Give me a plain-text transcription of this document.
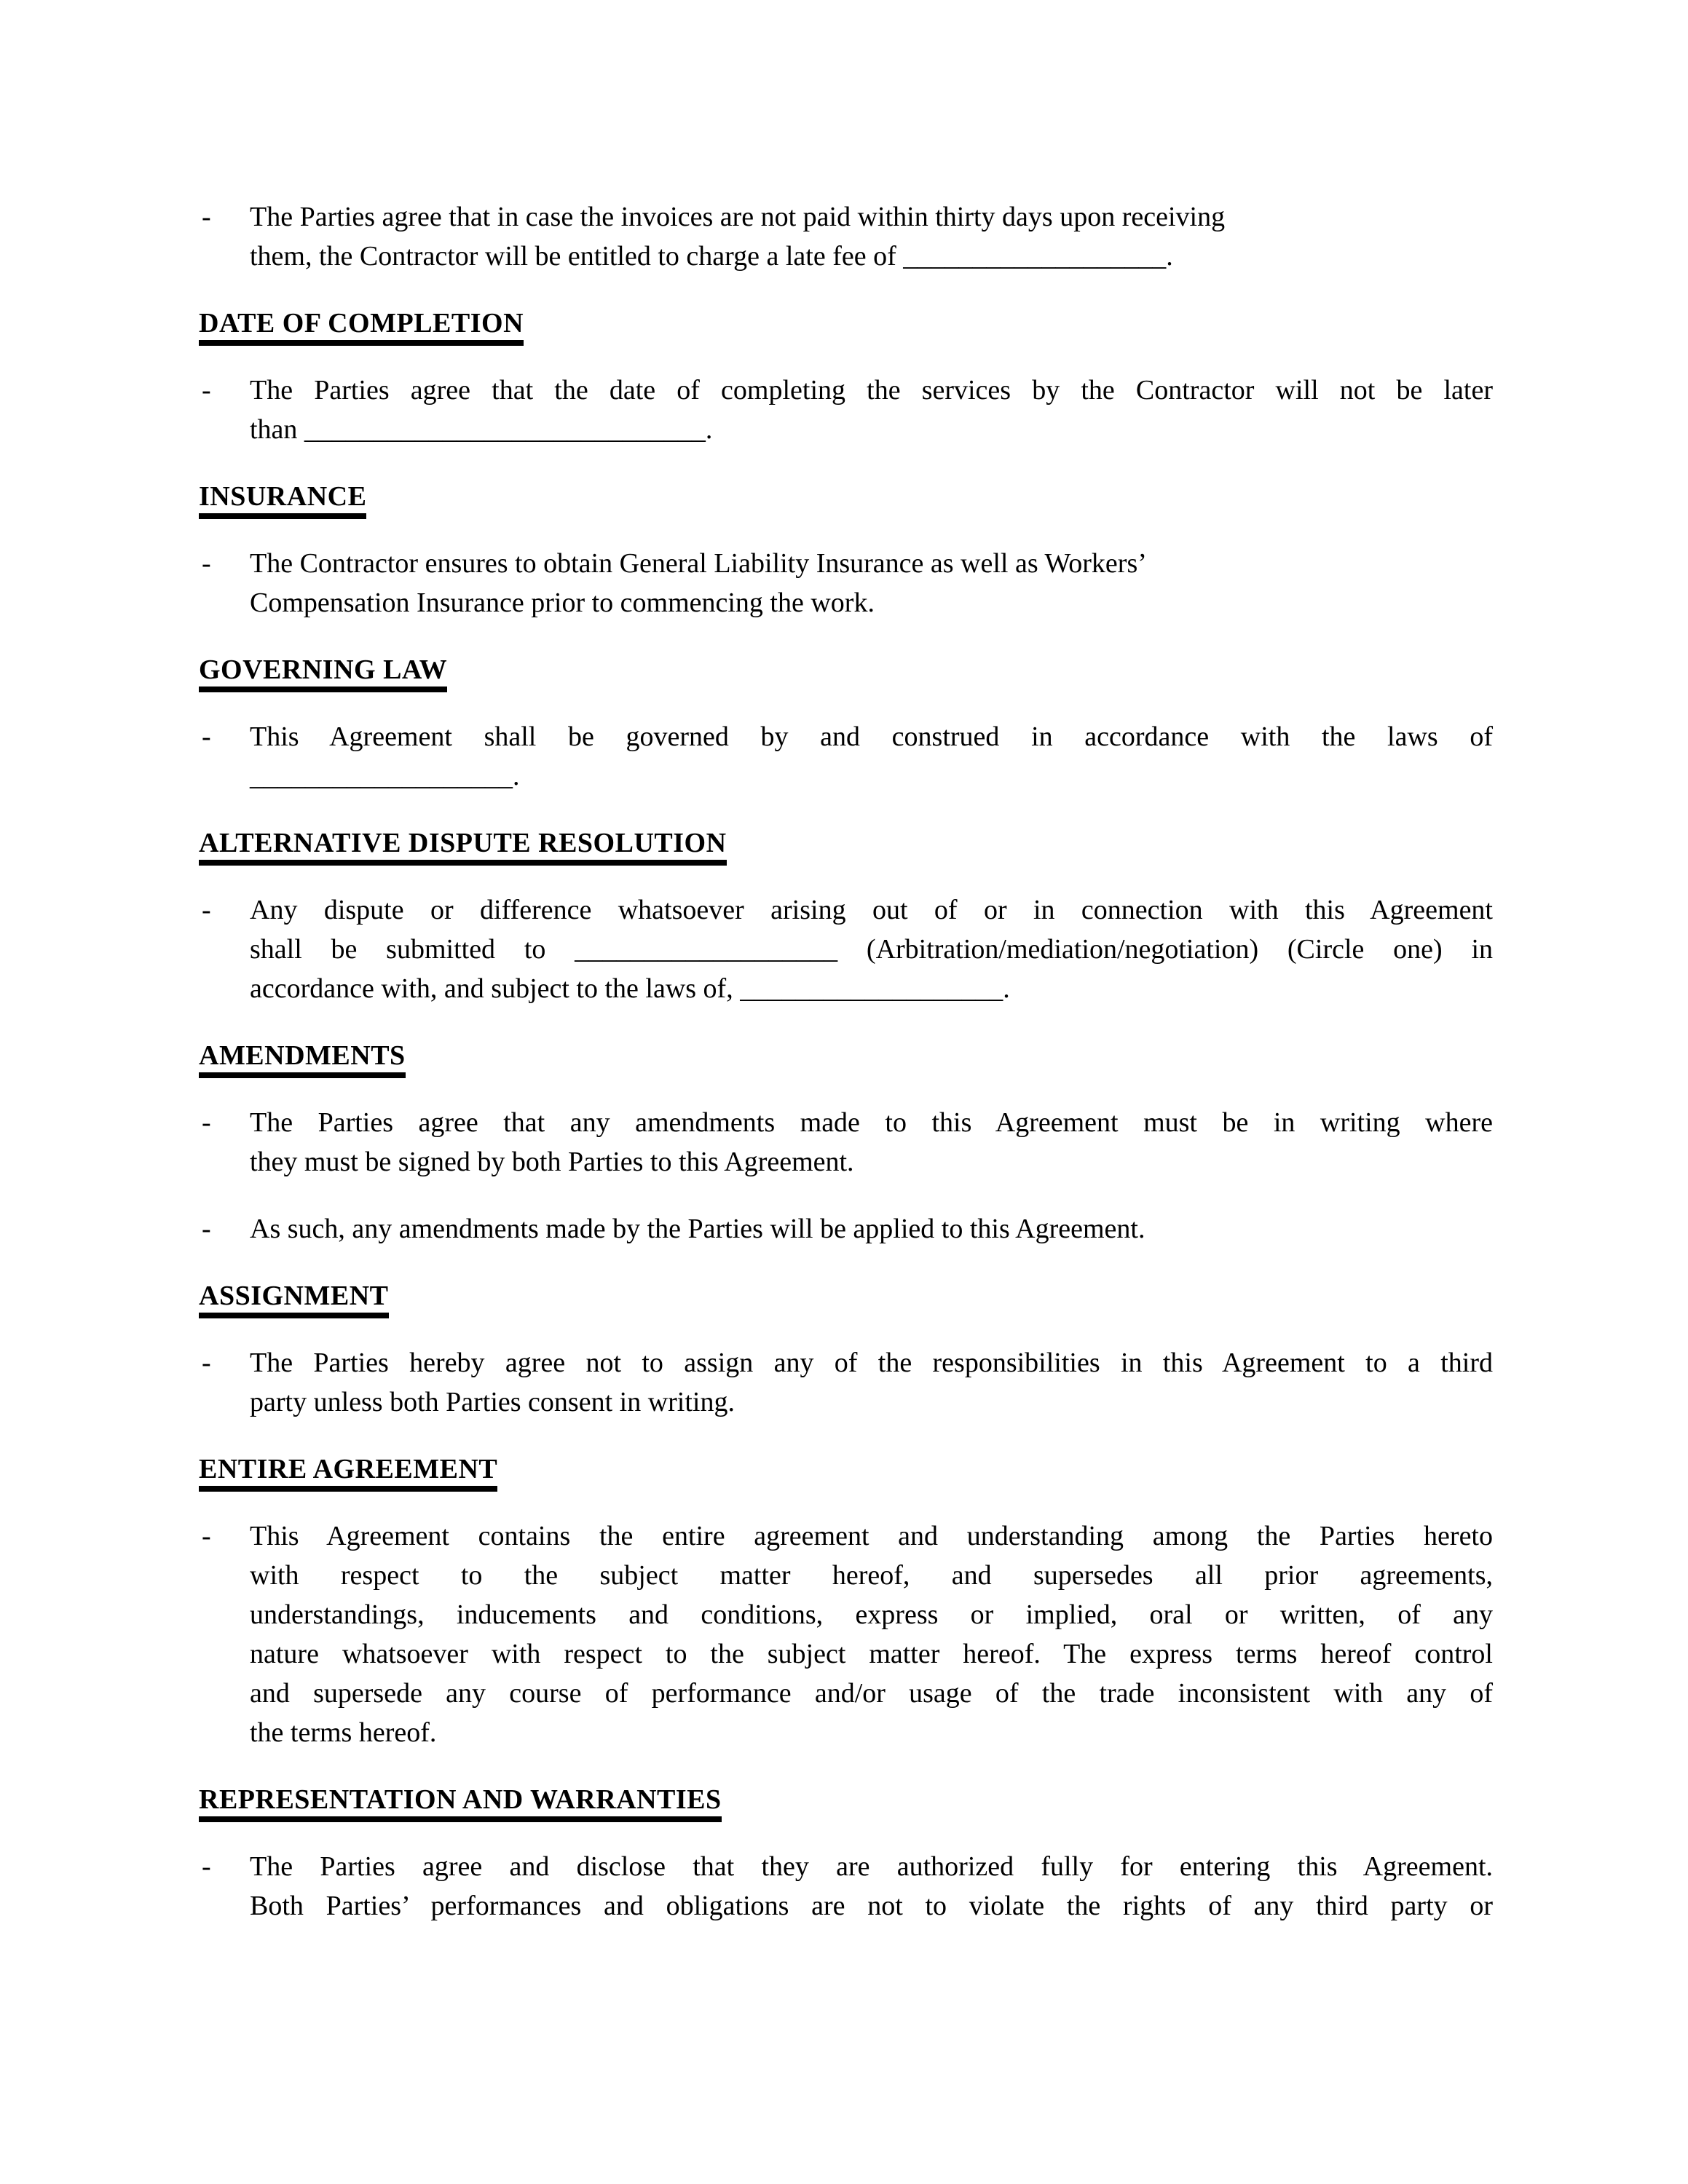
- The Parties agree that in case the invoices are not paid within thirty days upon receiving
them, the Contractor will be entitled to charge a late fee of ___________________.
DATE OF COMPLETION
- The Parties agree that the date of completing the services by the Contractor will not be later
than _____________________________.
INSURANCE
- The Contractor ensures to obtain General Liability Insurance as well as Workers’
Compensation Insurance prior to commencing the work.
GOVERNING LAW
- This Agreement shall be governed by and construed in accordance with the laws of
___________________.
ALTERNATIVE DISPUTE RESOLUTION
- Any dispute or difference whatsoever arising out of or in connection with this Agreement
shall be submitted to ___________________ (Arbitration/mediation/negotiation) (Circle one) in
accordance with, and subject to the laws of, ___________________.
AMENDMENTS
- The Parties agree that any amendments made to this Agreement must be in writing where
they must be signed by both Parties to this Agreement.
- As such, any amendments made by the Parties will be applied to this Agreement.
ASSIGNMENT
- The Parties hereby agree not to assign any of the responsibilities in this Agreement to a third
party unless both Parties consent in writing.
ENTIRE AGREEMENT
- This Agreement contains the entire agreement and understanding among the Parties hereto
with respect to the subject matter hereof, and supersedes all prior agreements,
understandings, inducements and conditions, express or implied, oral or written, of any
nature whatsoever with respect to the subject matter hereof. The express terms hereof control
and supersede any course of performance and/or usage of the trade inconsistent with any of
the terms hereof.
REPRESENTATION AND WARRANTIES
- The Parties agree and disclose that they are authorized fully for entering this Agreement.
Both Parties’ performances and obligations are not to violate the rights of any third party or
